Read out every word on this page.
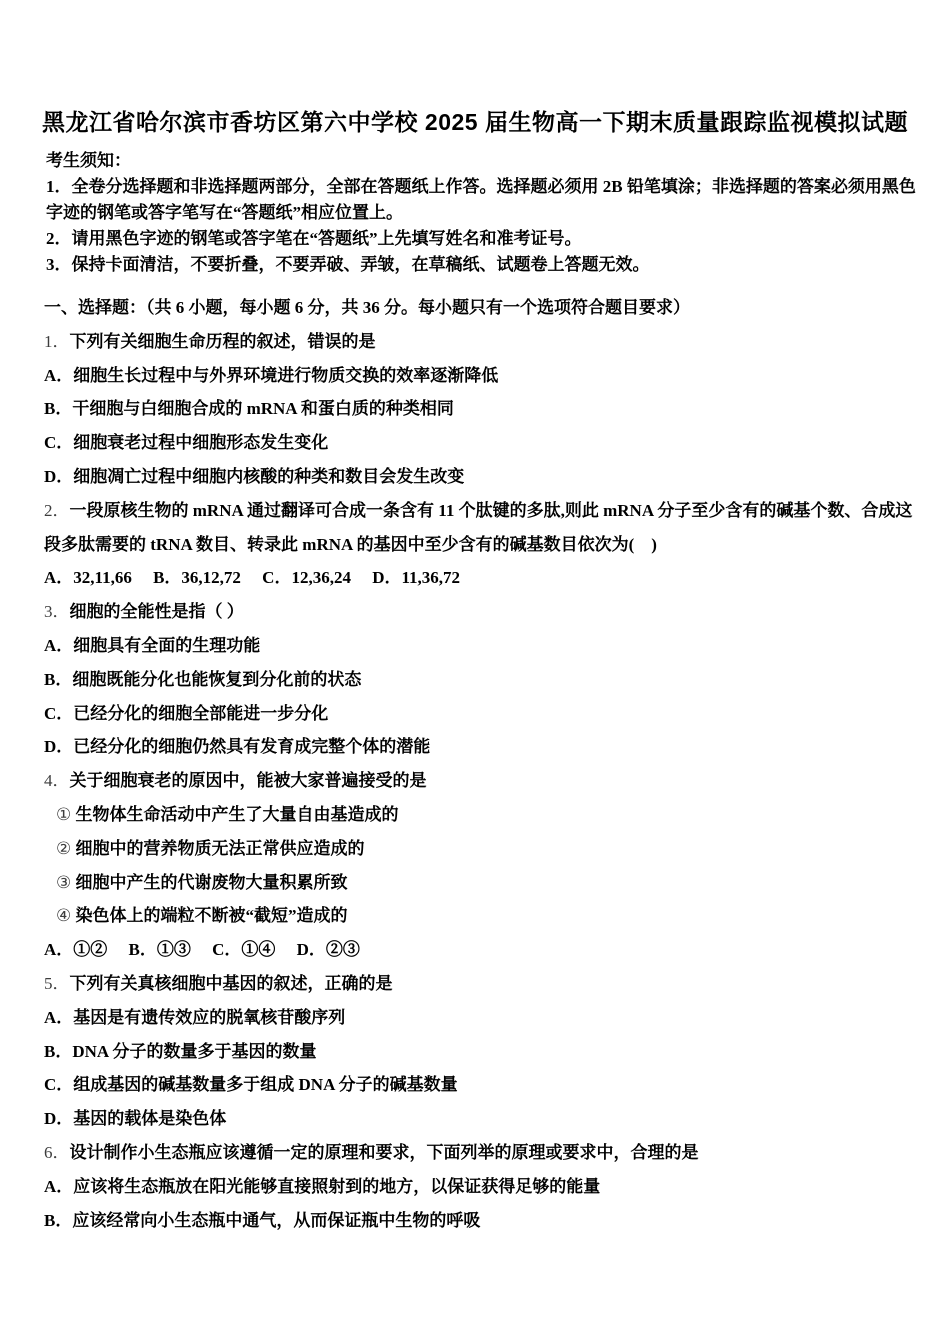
黑龙江省哈尔滨市香坊区第六中学校 2025 届生物高一下期末质量跟踪监视模拟试题
考生须知：
1．全卷分选择题和非选择题两部分，全部在答题纸上作答。选择题必须用 2B 铅笔填涂；非选择题的答案必须用黑色
字迹的钢笔或答字笔写在“答题纸”相应位置上。
2．请用黑色字迹的钢笔或答字笔在“答题纸”上先填写姓名和准考证号。
3．保持卡面清洁，不要折叠，不要弄破、弄皱，在草稿纸、试题卷上答题无效。
一、选择题：（共 6 小题，每小题 6 分，共 36 分。每小题只有一个选项符合题目要求）
1．下列有关细胞生命历程的叙述，错误的是
A．细胞生长过程中与外界环境进行物质交换的效率逐渐降低
B．干细胞与白细胞合成的 mRNA 和蛋白质的种类相同
C．细胞衰老过程中细胞形态发生变化
D．细胞凋亡过程中细胞内核酸的种类和数目会发生改变
2．一段原核生物的 mRNA 通过翻译可合成一条含有 11 个肽键的多肽,则此 mRNA 分子至少含有的碱基个数、合成这
段多肽需要的 tRNA 数目、转录此 mRNA 的基因中至少含有的碱基数目依次为(　)
A．32,11,66　 B．36,12,72　 C．12,36,24　 D．11,36,72
3．细胞的全能性是指（ ）
A．细胞具有全面的生理功能
B．细胞既能分化也能恢复到分化前的状态
C．已经分化的细胞全部能进一步分化
D．已经分化的细胞仍然具有发育成完整个体的潜能
4．关于细胞衰老的原因中，能被大家普遍接受的是
① 生物体生命活动中产生了大量自由基造成的
② 细胞中的营养物质无法正常供应造成的
③ 细胞中产生的代谢废物大量积累所致
④ 染色体上的端粒不断被“截短”造成的
A．①②　 B．①③　 C．①④　 D．②③
5．下列有关真核细胞中基因的叙述，正确的是
A．基因是有遗传效应的脱氧核苷酸序列
B．DNA 分子的数量多于基因的数量
C．组成基因的碱基数量多于组成 DNA 分子的碱基数量
D．基因的载体是染色体
6．设计制作小生态瓶应该遵循一定的原理和要求，下面列举的原理或要求中，合理的是
A．应该将生态瓶放在阳光能够直接照射到的地方，以保证获得足够的能量
B．应该经常向小生态瓶中通气，从而保证瓶中生物的呼吸
